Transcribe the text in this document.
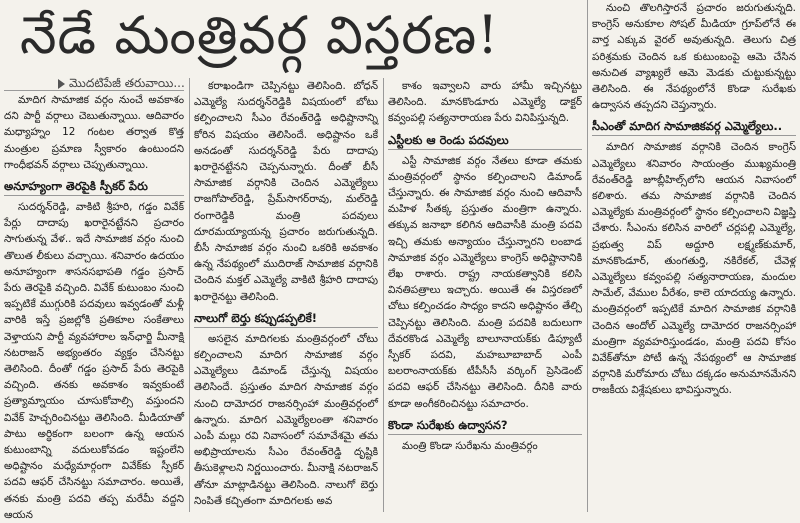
నేడే మంత్రివర్గ విస్తరణ!
మొదటిపేజీ తరువాయి...

మాదిగ సామాజిక వర్గం నుంచే అవకాశం దని పార్టీ వర్గాలు చెబుతున్నాయి. ఆదివారం మధ్యాహ్నం 12 గంటల తర్వాత కొత్త మంత్రుల ప్రమాణ స్వీకారం ఉంటుందని గాంధీభవన్ వర్గాలు చెప్పుతున్నాయి.

అనూహ్యంగా తెరపైకి స్పీకర్ పేరు

సుదర్శన్‌రెడ్డి, వాకిటి శ్రీహరి, గడ్డం వివేక్ పేర్లు దాదాపు ఖరారైనట్టేనని ప్రచారం సాగుతున్న వేళ.. ఇదే సామాజిక వర్గం నుంచి తొలుత లీకులు వచ్చాయి. శనివారం ఉదయం అనూహ్యంగా శాసనసభాపతి గడ్డం ప్రసాద్ పేరు తెరపైకి వచ్చింది. వివేక్ కుటుంబం నుంచి ఇప్పటికే ముగ్గురికి పదవులు ఇవ్వడంతో మళ్లీ వారికి ఇస్తే ప్రజల్లోకి ప్రతికూల సంకేతాలు వెళ్తాయని పార్టీ వ్యవహారాల ఇన్‌ఛార్జి మీనాక్షి నటరాజన్ అభ్యంతరం వ్యక్తం చేసినట్టు తెలిసింది. దీంతో గడ్డం ప్రసాద్ పేరు తెరపైకి వచ్చింది. తనకు అవకాశం ఇవ్వకుంటే ప్రత్యామ్నాయం చూసుకోవాల్సి వస్తుందని వివేక్ హెచ్చరించినట్టు తెలిసింది. మీడియాతో పాటు అర్థికంగా బలంగా ఉన్న ఆయన కుటుంబాన్ని వదులుకోవడం ఇష్టంలేని అధిష్టానం మధ్యేమార్గంగా వివేక్‌కు స్పీకర్ పదవి ఆఫర్ చేసినట్టు సమాచారం. అయితే, తనకు మంత్రి పదవి తప్ప మరేమీ వద్దని ఆయన

కరాఖండిగా చెప్పినట్టు తెలిసింది. బోధన్ ఎమ్మెల్యే సుదర్శన్‌రెడ్డికి విషయంలో బోటు కల్పించాలని సీఎం రేవంత్‌రెడ్డి అధిష్టానాన్ని కోరిన విషయం తెలిసిందే. అధిష్టానం ఒకే అనడంతో సుదర్శన్‌రెడ్డి పేరు దాదాపు ఖరారైనట్టేనని చెప్పనున్నారు. దీంతో బీసీ సామాజిక వర్గానికి చెందిన ఎమ్మెల్యేలు రాజగోపాల్‌రెడ్డి, ప్రేమ్‌సాగర్‌రావు, మల్‌రెడ్డి రంగారెడ్డికి మంత్రి పదవులు దూరమయ్యాయన్న ప్రచారం జరుగుతున్నది. బీసీ సామాజిక వర్గం నుంచి ఒకరికి అవకాశం ఉన్న నేపథ్యంలో ముదిరాజ్ సామాజిక వర్గానికి చెందిన మక్తల్ ఎమ్మెల్యే వాకిటి శ్రీహరి దాదాపు ఖరారైనట్టు తెలిసింది.

నాలుగో బెర్తు కప్పుడప్పలికే!

అసలైన మాదిగలకు మంత్రివర్గంలో చోటు కల్పించాలని మాదిగ సామాజిక వర్గం ఎమ్మెల్యేలు డిమాండ్ చేస్తున్న విషయం తెలిసిందే. ప్రస్తుతం మాదిగ సామాజిక వర్గం నుంచి దామోదర రాజనర్సింహా మంత్రివర్గంలో ఉన్నారు. మాదిగ ఎమ్మెల్యేలంతా శనివారం ఎంపీ మల్లు రవి నివాసంలో సమావేశమై తమ అభిప్రాయాలను సీఎం రేవంత్‌రెడ్డి దృష్టికి తీసుకెళ్లాలని నిర్ణయించారు. మీనాక్షి నటరాజన్ తోనూ మాట్లాడినట్టు తెలిసింది. నాలుగో బెర్తు నింపితే కచ్చితంగా మాదిగలకు అవ

కాశం ఇవ్వాలని వారు హామీ ఇచ్చినట్టు తెలిసింది. మానకొండూరు ఎమ్మెల్యే డాక్టర్ కవ్వంపల్లి సత్యనారాయణ పేరు వినిపిస్తున్నది.

ఎస్టీలకు ఆ రెండు పదవులు

ఎస్టీ సామాజిక వర్గం నేతలు కూడా తమకు మంత్రివర్గంలో స్థానం కల్పించాలని డిమాండ్ చేస్తున్నారు. ఈ సామాజిక వర్గం నుంచి ఆదివాసీ మహిళ సీతక్క ప్రస్తుతం మంత్రిగా ఉన్నారు. తక్కువ జనాభా కలిగిన ఆదివాసీకి మంత్రి పదవి ఇచ్చి తమకు అన్యాయం చేస్తున్నారని లంబాడ సామాజిక వర్గం ఎమ్మెల్యేలు కాంగ్రెస్ అధిష్టానానికి లేఖ రాశారు. రాష్ట్ర నాయకత్వానికి కలిసి వినతిపత్రాలు ఇచ్చారు. అయితే ఈ విస్తరణలో చోటు కల్పించడం సాధ్యం కాదని అధిష్టానం తేల్చి చెప్పినట్టు తెలిసింది. మంత్రి పదవికి బదులుగా దేవరకొండ ఎమ్మెల్యే బాలూనాయక్‌కు డిప్యూటీ స్పీకర్ పదవి, మహబూబాబాద్ ఎంపీ బలరాంనాయక్‌కు టీపీసీసీ వర్కింగ్ ప్రెసిడెంట్ పదవి ఆఫర్ చేసినట్టు తెలిసింది. దీనికి వారు కూడా అంగీకరించినట్టు సమాచారం.

కొండా సురేఖకు ఉద్వాసన?

మంత్రి కొండా సురేఖను మంత్రివర్గం

నుంచి తొలగిస్తారనే ప్రచారం జరుగుతున్నది. కాంగ్రెస్ అనుకూల సోషల్ మీడియా గ్రూప్‌లోనే ఈ వార్త ఎక్కువ వైరల్ అవుతున్నది. తెలుగు చిత్ర పరిశ్రమకు చెందిన ఒక కుటుంబంపై ఆమె చేసిన అనుచిత వ్యాఖ్యలే ఆమె మెడకు చుట్టుకున్నట్టు తెలిసింది. ఈ నేపథ్యంలోనే కొండా సురేఖకు ఉద్వాసన తప్పదని చెప్తున్నారు.

సీఎంతో మాదిగ సామాజికవర్గ ఎమ్మెల్యేలు..

మాదిగ సామాజిక వర్గానికి చెందిన కాంగ్రెస్ ఎమ్మెల్యేలు శనివారం సాయంత్రం ముఖ్యమంత్రి రేవంత్‌రెడ్డి జూబ్లీహిల్స్‌లోని ఆయన నివాసంలో కలిశారు. తమ సామాజిక వర్గానికి చెందిన ఎమ్మెల్యేకు మంత్రివర్గంలో స్థానం కల్పించాలని విజ్ఞప్తి చేశారు. సీఎంను కలిసిన వారిలో చర్లపల్లి ఎమ్మెల్యే, ప్రభుత్వ విప్ అద్దూరి లక్ష్మణ్‌కుమార్, మానకొండూర్, తుంగతుర్తి, నకిరేకల్, చేవెళ్ల ఎమ్మెల్యేలు కవ్వంపల్లి సత్యనారాయణ, మందుల సామేల్, వేముల వీరేశం, కాలె యాదయ్య ఉన్నారు. మంత్రివర్గంలో ఇప్పటికే మాదిగ సామాజిక వర్గానికి చెందిన ఆందోల్ ఎమ్మెల్యే దామోదర రాజనర్సింహా మంత్రిగా వ్యవహరిస్తుండడం, మంత్రి పదవి కోసం వివేక్‌తోనూ పోటీ ఉన్న నేపథ్యంలో ఆ సామాజిక వర్గానికి మరోమారు చోటు దక్కడం అనుమానమేనని రాజకీయ విశ్లేషకులు భావిస్తున్నారు.
